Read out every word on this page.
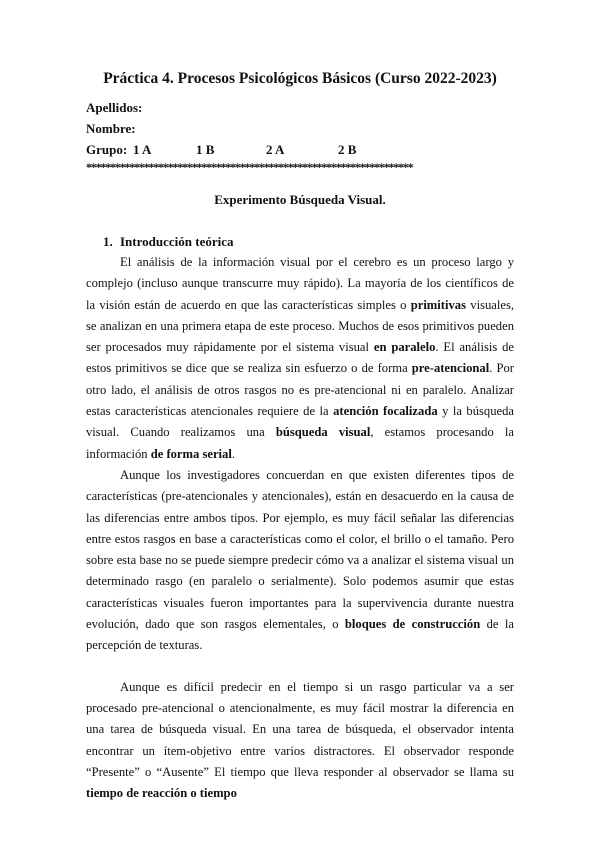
Práctica 4. Procesos Psicológicos Básicos (Curso 2022-2023)
Apellidos:
Nombre:
Grupo: 1 A	1 B	2 A	2 B
********************************************************************
Experimento Búsqueda Visual.
1. Introducción teórica

El análisis de la información visual por el cerebro es un proceso largo y complejo (incluso aunque transcurre muy rápido). La mayoría de los científicos de la visión están de acuerdo en que las características simples o primitivas visuales, se analizan en una primera etapa de este proceso. Muchos de esos primitivos pueden ser procesados muy rápidamente por el sistema visual en paralelo. El análisis de estos primitivos se dice que se realiza sin esfuerzo o de forma pre-atencional. Por otro lado, el análisis de otros rasgos no es pre-atencional ni en paralelo. Analizar estas características atencionales requiere de la atención focalizada y la búsqueda visual. Cuando realizamos una búsqueda visual, estamos procesando la información de forma serial.

Aunque los investigadores concuerdan en que existen diferentes tipos de características (pre-atencionales y atencionales), están en desacuerdo en la causa de las diferencias entre ambos tipos. Por ejemplo, es muy fácil señalar las diferencias entre estos rasgos en base a características como el color, el brillo o el tamaño. Pero sobre esta base no se puede siempre predecir cómo va a analizar el sistema visual un determinado rasgo (en paralelo o serialmente). Solo podemos asumir que estas características visuales fueron importantes para la supervivencia durante nuestra evolución, dado que son rasgos elementales, o bloques de construcción de la percepción de texturas.

Aunque es difícil predecir en el tiempo si un rasgo particular va a ser procesado pre-atencional o atencionalmente, es muy fácil mostrar la diferencia en una tarea de búsqueda visual. En una tarea de búsqueda, el observador intenta encontrar un ítem-objetivo entre varios distractores. El observador responde “Presente” o “Ausente” El tiempo que lleva responder al observador se llama su tiempo de reacción o tiempo
